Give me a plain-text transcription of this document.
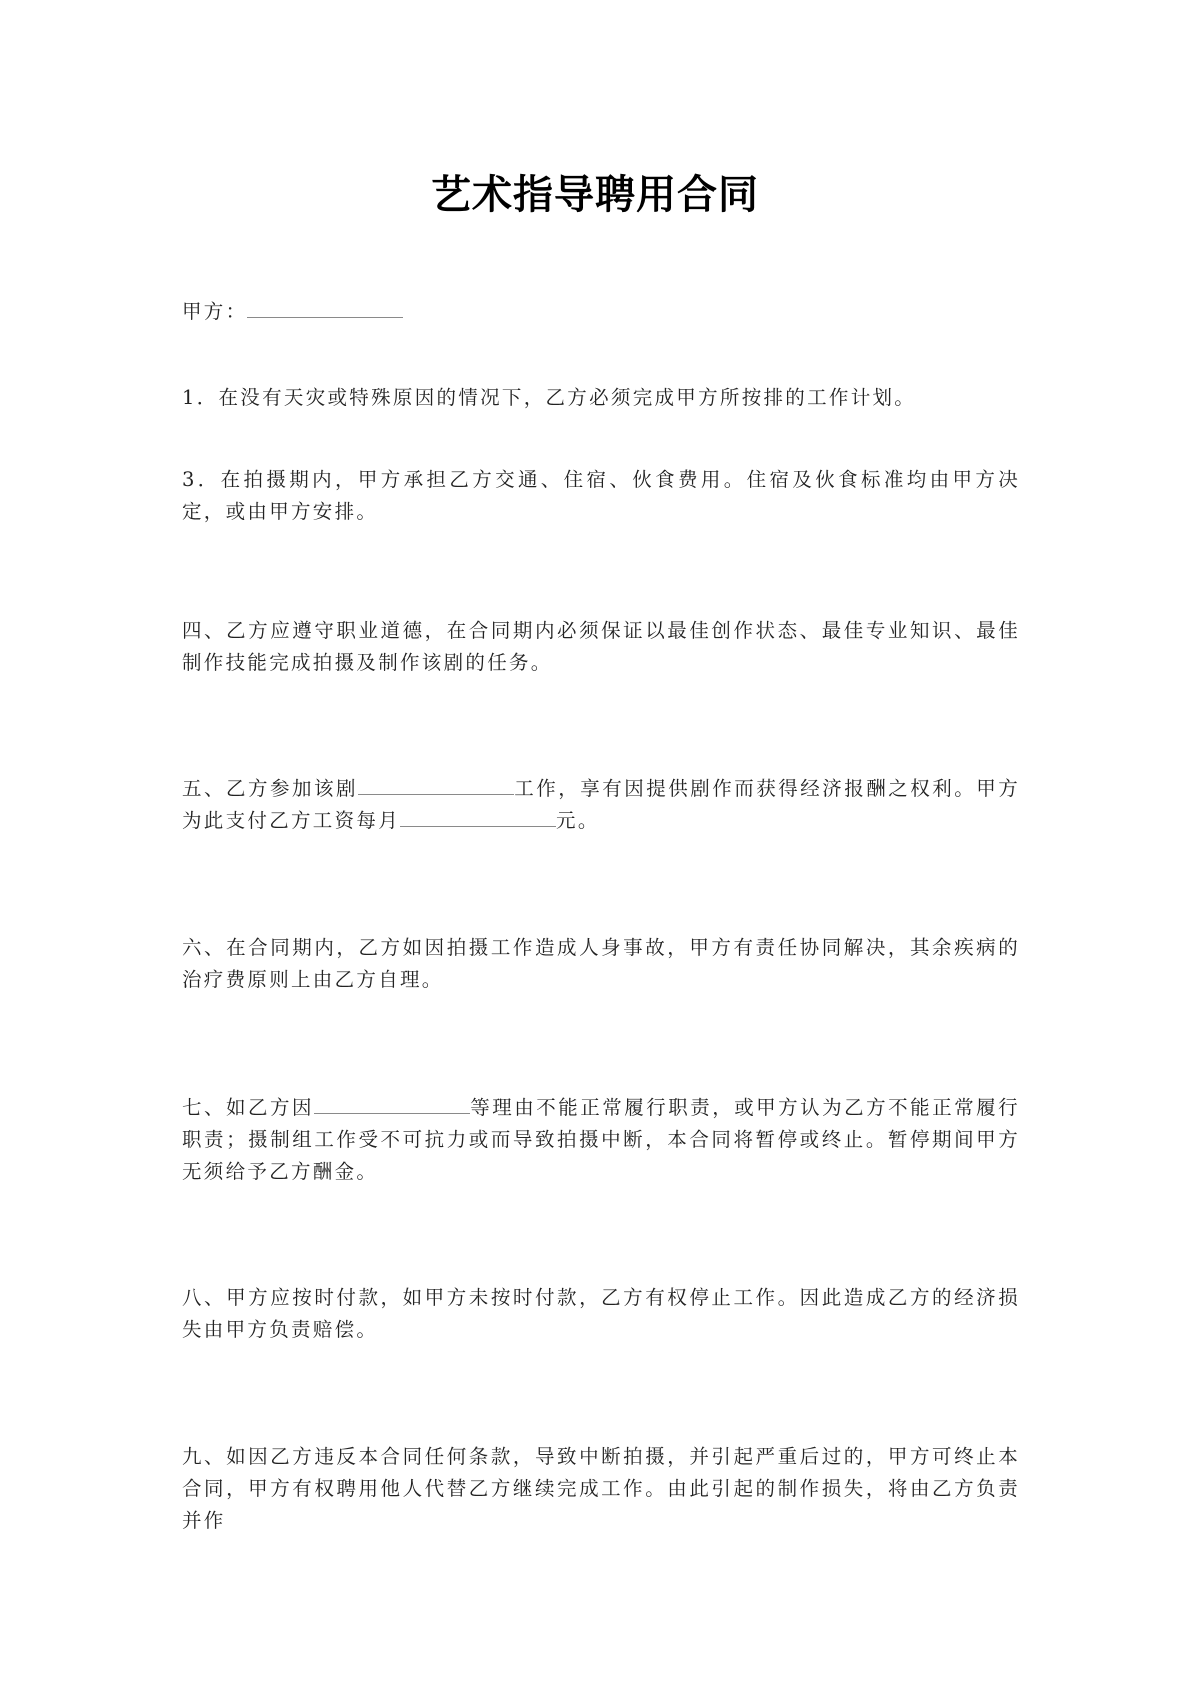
艺术指导聘用合同

甲方：

1．在没有天灾或特殊原因的情况下，乙方必须完成甲方所按排的工作计划。

3．在拍摄期内，甲方承担乙方交通、住宿、伙食费用。住宿及伙食标准均由甲方决定，或由甲方安排。

四、乙方应遵守职业道德，在合同期内必须保证以最佳创作状态、最佳专业知识、最佳制作技能完成拍摄及制作该剧的任务。

五、乙方参加该剧	工作，享有因提供剧作而获得经济报酬之权利。甲方为此支付乙方工资每月	元。

六、在合同期内，乙方如因拍摄工作造成人身事故，甲方有责任协同解决，其余疾病的治疗费原则上由乙方自理。

七、如乙方因	等理由不能正常履行职责，或甲方认为乙方不能正常履行职责；摄制组工作受不可抗力或而导致拍摄中断，本合同将暂停或终止。暂停期间甲方无须给予乙方酬金。

八、甲方应按时付款，如甲方未按时付款，乙方有权停止工作。因此造成乙方的经济损失由甲方负责赔偿。

九、如因乙方违反本合同任何条款，导致中断拍摄，并引起严重后过的，甲方可终止本合同，甲方有权聘用他人代替乙方继续完成工作。由此引起的制作损失，将由乙方负责并作
